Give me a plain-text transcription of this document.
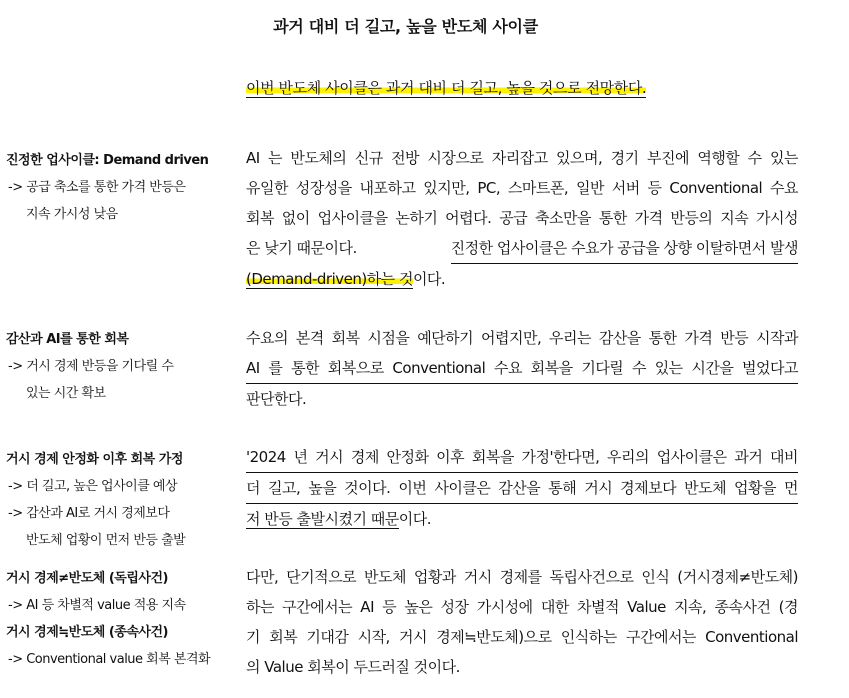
과거 대비 더 길고, 높을 반도체 사이클
이번 반도체 사이클은 과거 대비 더 길고, 높을 것으로 전망한다.
진정한 업사이클: Demand driven
-> 공급 축소를 통한 가격 반등은
지속 가시성 낮음
AI 는 반도체의 신규 전방 시장으로 자리잡고 있으며, 경기 부진에 역행할 수 있는
유일한 성장성을 내포하고 있지만, PC, 스마트폰, 일반 서버 등 Conventional 수요
회복 없이 업사이클을 논하기 어렵다. 공급 축소만을 통한 가격 반등의 지속 가시성
은 낮기 때문이다.	진정한 업사이클은 수요가 공급을 상향 이탈하면서 발생
(Demand-driven)하는 것이다.
감산과 AI를 통한 회복
-> 거시 경제 반등을 기다릴 수
있는 시간 확보
수요의 본격 회복 시점을 예단하기 어렵지만, 우리는 감산을 통한 가격 반등 시작과
AI 를 통한 회복으로 Conventional 수요 회복을 기다릴 수 있는 시간을 벌었다고
판단한다.
거시 경제 안정화 이후 회복 가정
-> 더 길고, 높은 업사이클 예상
-> 감산과 AI로 거시 경제보다
반도체 업황이 먼저 반등 출발
'2024 년 거시 경제 안정화 이후 회복을 가정'한다면, 우리의 업사이클은 과거 대비
더 길고, 높을 것이다. 이번 사이클은 감산을 통해 거시 경제보다 반도체 업황을 먼
저 반등 출발시켰기 때문이다.
거시 경제≠반도체 (독립사건)
-> AI 등 차별적 value 적용 지속
거시 경제≒반도체 (종속사건)
-> Conventional value 회복 본격화
다만, 단기적으로 반도체 업황과 거시 경제를 독립사건으로 인식 (거시경제≠반도체)
하는 구간에서는 AI 등 높은 성장 가시성에 대한 차별적 Value 지속, 종속사건 (경
기 회복 기대감 시작, 거시 경제≒반도체)으로 인식하는 구간에서는 Conventional
의 Value 회복이 두드러질 것이다.
